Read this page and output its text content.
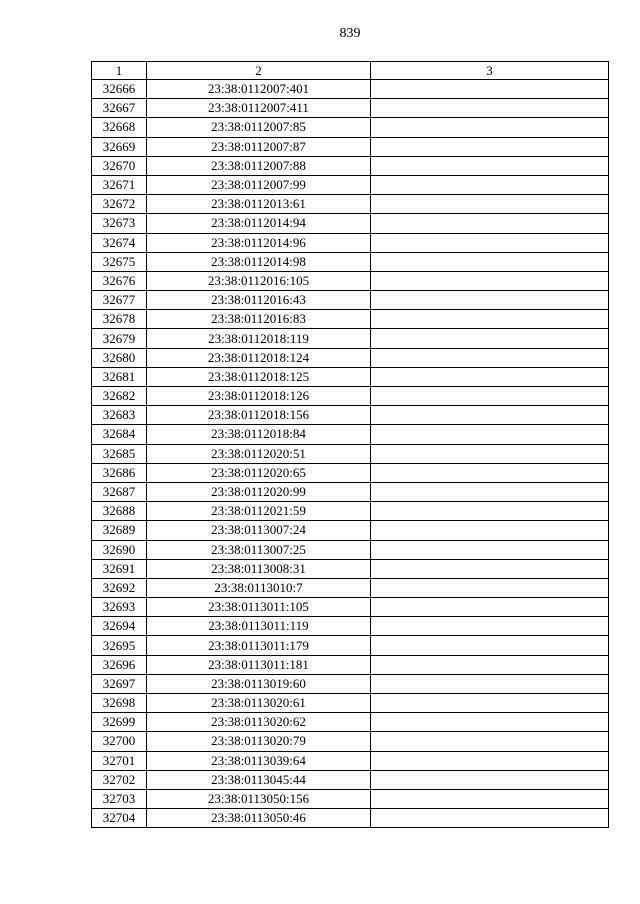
839
1	2	3
32666	23:38:0112007:401	
32667	23:38:0112007:411	
32668	23:38:0112007:85	
32669	23:38:0112007:87	
32670	23:38:0112007:88	
32671	23:38:0112007:99	
32672	23:38:0112013:61	
32673	23:38:0112014:94	
32674	23:38:0112014:96	
32675	23:38:0112014:98	
32676	23:38:0112016:105	
32677	23:38:0112016:43	
32678	23:38:0112016:83	
32679	23:38:0112018:119	
32680	23:38:0112018:124	
32681	23:38:0112018:125	
32682	23:38:0112018:126	
32683	23:38:0112018:156	
32684	23:38:0112018:84	
32685	23:38:0112020:51	
32686	23:38:0112020:65	
32687	23:38:0112020:99	
32688	23:38:0112021:59	
32689	23:38:0113007:24	
32690	23:38:0113007:25	
32691	23:38:0113008:31	
32692	23:38:0113010:7	
32693	23:38:0113011:105	
32694	23:38:0113011:119	
32695	23:38:0113011:179	
32696	23:38:0113011:181	
32697	23:38:0113019:60	
32698	23:38:0113020:61	
32699	23:38:0113020:62	
32700	23:38:0113020:79	
32701	23:38:0113039:64	
32702	23:38:0113045:44	
32703	23:38:0113050:156	
32704	23:38:0113050:46	
